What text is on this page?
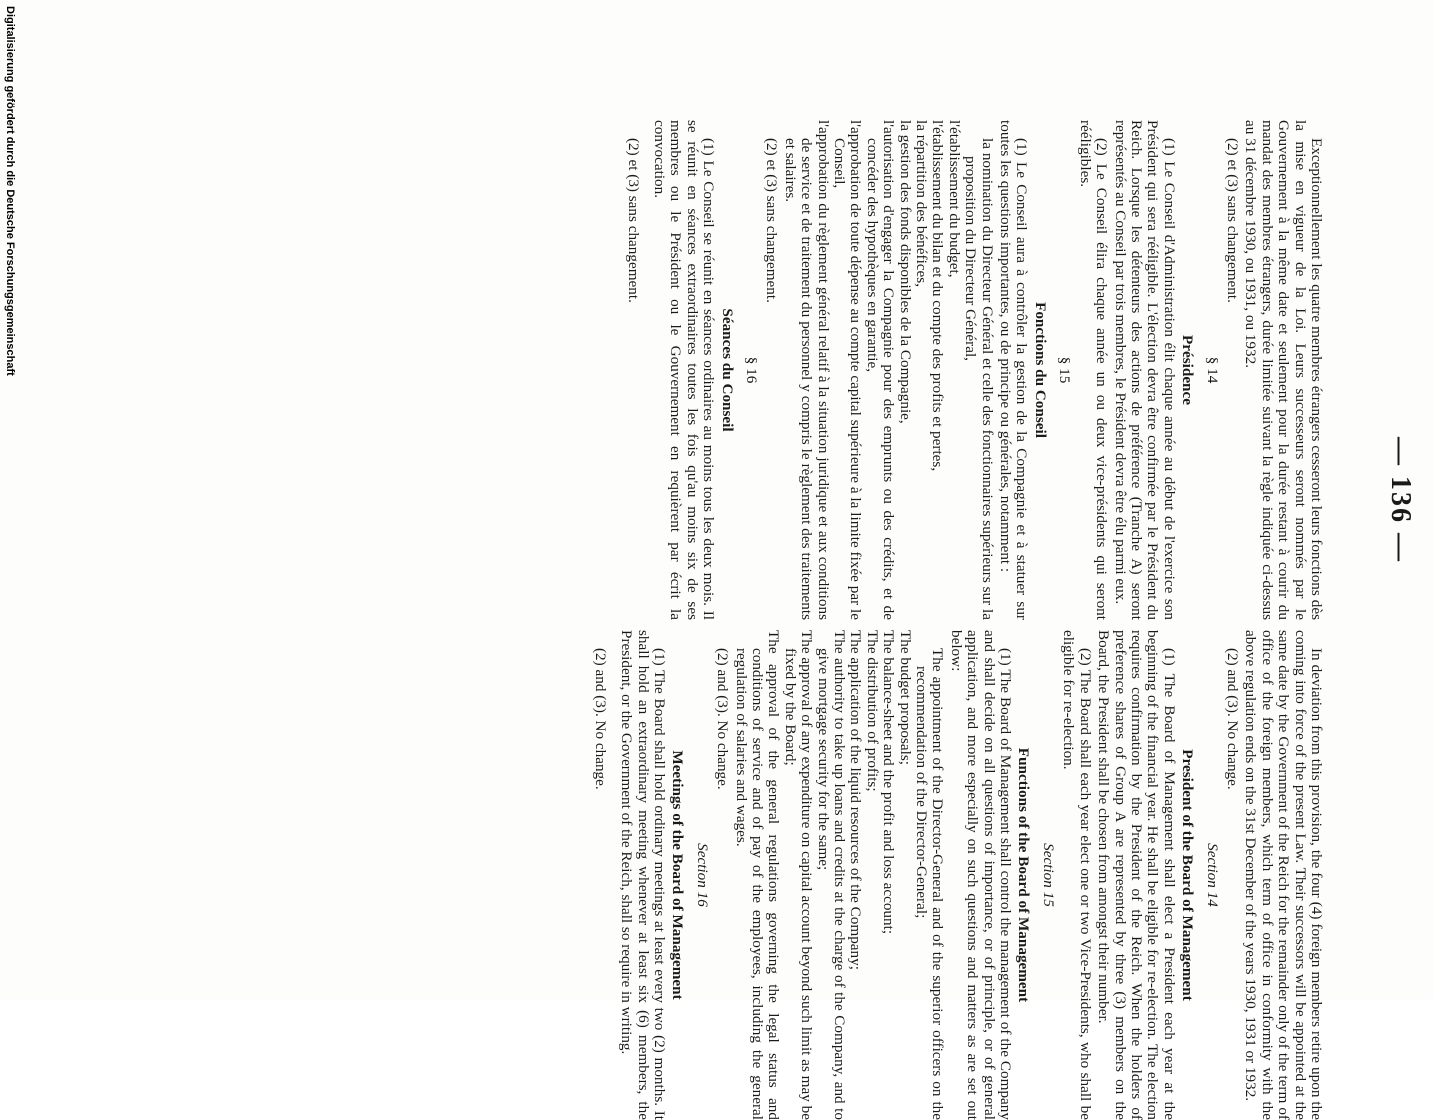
— 136 —

Exceptionnellement les quatre membres étrangers cesseront leurs fonctions dès la mise en vigueur de la Loi. Leurs successeurs seront nommés par le Gouvernement à la même date et seulement pour la durée restant à courir du mandat des membres étrangers, durée limitée suivant la règle indiquée ci-dessus au 31 décembre 1930, ou 1931, ou 1932.

(2) et (3) sans changement.

§ 14
Présidence

(1) Le Conseil d'Administration élit chaque année au début de l'exercice son Président qui sera rééligible. L'élection devra être confirmée par le Président du Reich. Lorsque les détenteurs des actions de préférence (Tranche A) seront représentés au Conseil par trois membres, le Président devra être élu parmi eux.

(2) Le Conseil élira chaque année un ou deux vice-présidents qui seront rééligibles.

§ 15
Fonctions du Conseil

(1) Le Conseil aura à contrôler la gestion de la Compagnie et à statuer sur toutes les questions importantes, ou de principe ou générales, notamment :

la nomination du Directeur Général et celle des fonctionnaires supérieurs sur la proposition du Directeur Général,
l'établissement du budget,
l'établissement du bilan et du compte des profits et pertes,
la répartition des bénéfices,
la gestion des fonds disponibles de la Compagnie,
l'autorisation d'engager la Compagnie pour des emprunts ou des crédits, et de concéder des hypothèques en garantie,
l'approbation de toute dépense au compte capital supérieure à la limite fixée par le Conseil,
l'approbation du règlement général relatif à la situation juridique et aux conditions de service et de traitement du personnel y compris le règlement des traitements et salaires.

(2) et (3) sans changement.

§ 16
Séances du Conseil

(1) Le Conseil se réunit en séances ordinaires au moins tous les deux mois. Il se réunit en séances extraordinaires toutes les fois qu'au moins six de ses membres ou le Président ou le Gouvernement en requièrent par écrit la convocation.

(2) et (3) sans changement.

In deviation from this provision, the four (4) foreign members retire upon the coming into force of the present Law. Their successors will be appointed at the same date by the Government of the Reich for the remainder only of the term of office of the foreign members, which term of office in conformity with the above regulation ends on the 31st December of the years 1930, 1931 or 1932.

(2) and (3). No change.

Section 14
President of the Board of Management

(1) The Board of Management shall elect a President each year at the beginning of the financial year. He shall be eligible for re-election. The election requires confirmation by the President of the Reich. When the holders of preference shares of Group A are represented by three (3) members on the Board, the President shall be chosen from amongst their number.

(2) The Board shall each year elect one or two Vice-Presidents, who shall be eligible for re-election.

Section 15
Functions of the Board of Management

(1) The Board of Management shall control the management of the Company and shall decide on all questions of importance, or of principle, or of general application, and more especially on such questions and matters as are set out below:

The appointment of the Director-General and of the superior officers on the recommendation of the Director-General;
The budget proposals;
The balance-sheet and the profit and loss account;
The distribution of profits;
The application of the liquid resources of the Company;
The authority to take up loans and credits at the charge of the Company, and to give mortgage security for the same;
The approval of any expenditure on capital account beyond such limit as may be fixed by the Board;
The approval of the general regulations governing the legal status and conditions of service and of pay of the employees, including the general regulation of salaries and wages.

(2) and (3). No change.

Section 16
Meetings of the Board of Management

(1) The Board shall hold ordinary meetings at least every two (2) months. It shall hold an extraordinary meeting whenever at least six (6) members, the President, or the Government of the Reich, shall so require in writing.

(2) and (3). No change.

Digitalisierung gefördert durch die Deutsche Forschungsgemeinschaft
